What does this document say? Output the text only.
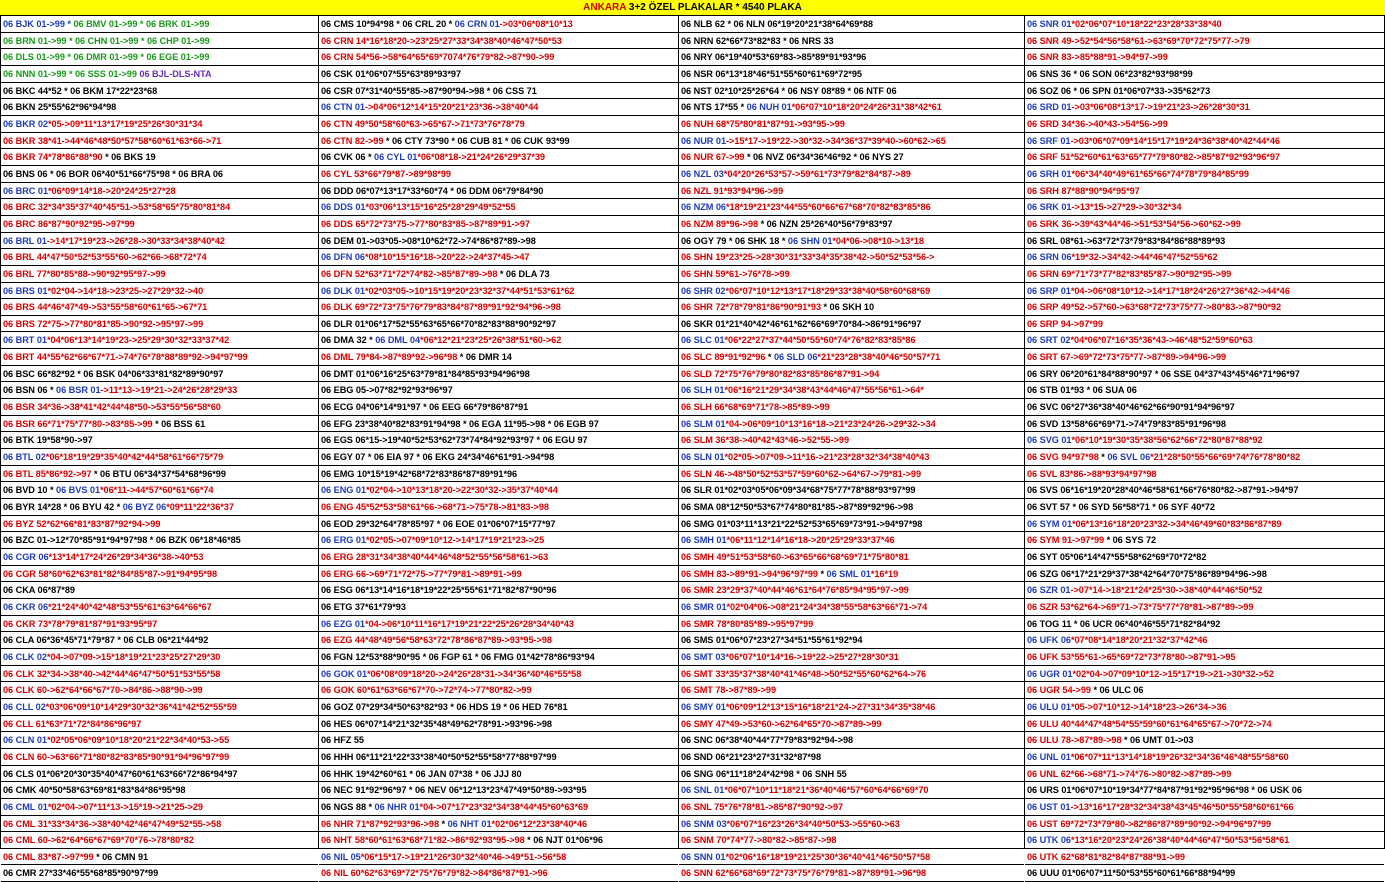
ANKARA 3+2 ÖZEL PLAKALAR * 4540 PLAKA
06 BJK 01->99 * 06 BMV 01->99 * 06 BRK 01->99
06 BRN 01->99 * 06 CHN 01->99 * 06 CHP 01->99
06 DLS 01->99 * 06 DMR 01->99 * 06 EGE 01->99
06 NNN 01->99 * 06 SSS 01->99 06 BJL-DLS-NTA
06 BKC 44*52 * 06 BKM 17*22*23*68
06 BKN 25*55*62*96*94*98
06 BKR 02*05->09*11*13*17*19*25*26*30*31*34
06 BKR 38*41->44*46*48*50*57*58*60*61*63*66->71
06 BKR 74*78*86*88*90 * 06 BKS 19
06 BNS 06 * 06 BOR 06*40*51*66*75*98 * 06 BRA 06
06 BRC 01*06*09*14*18->20*24*25*27*28
06 BRC 32*34*35*37*40*45*51->53*58*65*75*80*81*84
06 BRC 86*87*90*92*95->97*99
06 BRL 01->14*17*19*23->26*28->30*33*34*38*40*42
06 BRL 44*47*50*52*53*55*60->62*66->68*72*74
06 BRL 77*80*85*88->90*92*95*97->99
06 BRS 01*02*04->14*18->23*25->27*29*32->40
06 BRS 44*46*47*49->53*55*58*60*61*65->67*71
06 BRS 72*75->77*80*81*85->90*92->95*97->99
06 BRT 01*04*06*13*14*19*23->25*29*30*32*33*37*42
06 BRT 44*55*62*66*67*71->74*76*78*88*89*92->94*97*99
06 BSC 66*82*92 * 06 BSK 04*06*33*81*82*89*90*97
06 BSN 06 * 06 BSR 01->11*13->19*21->24*26*28*29*33
06 BSR 34*36->38*41*42*44*48*50->53*55*56*58*60
06 BSR 66*71*75*77*80->83*85->99 * 06 BSS 61
06 BTK 19*58*90->97
06 BTL 02*06*18*19*29*35*40*42*44*58*61*66*75*79
06 BTL 85*86*92->97 * 06 BTU 06*34*37*54*68*96*99
06 BVD 10 * 06 BVS 01*06*11->44*57*60*61*66*74
06 BYR 14*28 * 06 BYU 42 * 06 BYZ 06*09*11*22*36*37
06 BYZ 52*62*66*81*83*87*92*94->99
06 BZC 01->12*70*85*91*94*97*98 * 06 BZK 06*18*46*85
06 CGR 06*13*14*17*24*26*29*34*36*38->40*53
06 CGR 58*60*62*63*81*82*84*85*87->91*94*95*98
06 CKA 06*87*89
06 CKR 06*21*24*40*42*48*53*55*61*63*64*66*67
06 CKR 73*78*79*81*87*91*93*95*97
06 CLA 06*36*45*71*79*87 * 06 CLB 06*21*44*92
06 CLK 02*04->07*09->15*18*19*21*23*25*27*29*30
06 CLK 32*34->38*40->42*44*46*47*50*51*53*55*58
06 CLK 60->62*64*66*67*70->84*86->88*90->99
06 CLL 02*03*06*09*10*14*29*30*32*36*41*42*52*55*59
06 CLL 61*63*71*72*84*86*96*97
06 CLN 01*02*05*06*09*10*18*20*21*22*34*40*53->55
06 CLN 60->63*66*71*80*82*83*85*90*91*94*96*97*99
06 CLS 01*06*20*30*35*40*47*60*61*63*66*72*86*94*97
06 CMK 40*50*58*63*69*81*83*84*86*95*98
06 CML 01*02*04->07*11*13->15*19->21*25->29
06 CML 31*33*34*36->38*40*42*46*47*49*52*55->58
06 CML 60->62*64*66*67*69*70*76->78*80*82
06 CML 83*87->97*99 * 06 CMN 91
06 CMR 27*33*46*55*68*85*90*97*99
06 CMS 10*94*98 * 06 CRL 20 * 06 CRN 01->03*06*08*10*13
06 CRN 14*16*18*20->23*25*27*33*34*38*40*46*47*50*53
06 CRN 54*56->58*64*65*69*7074*76*79*82->87*90->99
06 CSK 01*06*07*55*63*89*93*97
06 CSR 07*31*40*55*85->87*90*94->98 * 06 CSS 71
06 CTN 01->04*06*12*14*15*20*21*23*36->38*40*44
06 CTN 49*50*58*60*63->65*67->71*73*76*78*79
06 CTN 82->99 * 06 CTY 73*90 * 06 CUB 81 * 06 CUK 93*99
06 CVK 06 * 06 CYL 01*06*08*18->21*24*26*29*37*39
06 CYL 53*66*79*87->89*98*99
06 DDD 06*07*13*17*33*60*74 * 06 DDM 06*79*84*90
06 DDS 01*03*06*13*15*16*25*28*29*49*52*55
06 DDS 65*72*73*75->77*80*83*85->87*89*91->97
06 DEM 01->03*05->08*10*62*72->74*86*87*89->98
06 DFN 06*08*10*15*16*18->20*22->24*37*45->47
06 DFN 52*63*71*72*74*82->85*87*89->98 * 06 DLA 73
06 DLK 01*02*03*05->10*15*19*20*23*32*37*44*51*53*61*62
06 DLK 69*72*73*75*76*79*83*84*87*89*91*92*94*96->98
06 DLR 01*06*17*52*55*63*65*66*70*82*83*88*90*92*97
06 DMA 32 * 06 DML 04*06*12*21*23*25*26*38*51*60->62
06 DML 79*84->87*89*92->96*98 * 06 DMR 14
06 DMT 01*06*16*25*63*79*81*84*85*93*94*96*98
06 EBG 05->07*82*92*93*96*97
06 ECG 04*06*14*91*97 * 06 EEG 66*79*86*87*91
06 EFG 23*38*40*82*83*91*94*98 * 06 EGA 11*95->98 * 06 EGB 97
06 EGS 06*15->19*40*52*53*62*73*74*84*92*93*97 * 06 EGU 97
06 EGY 07 * 06 EIA 97 * 06 EKG 24*34*46*61*91->94*98
06 EMG 10*15*19*42*68*72*83*86*87*89*91*96
06 ENG 01*02*04->10*13*18*20->22*30*32->35*37*40*44
06 ENG 45*52*53*58*61*66->68*71->75*78->81*83->98
06 EOD 29*32*64*78*85*97 * 06 EOE 01*06*07*15*77*97
06 ERG 01*02*05->07*09*10*12->14*17*19*21*23->25
06 ERG 28*31*34*38*40*44*46*48*52*55*56*58*61->63
06 ERG 66->69*71*72*75->77*79*81->89*91->99
06 ESG 06*13*14*16*18*19*22*25*55*61*71*82*87*90*96
06 ETG 37*61*79*93
06 EZG 01*04->06*10*11*16*17*19*21*22*25*26*28*34*40*43
06 EZG 44*48*49*56*58*63*72*78*86*87*89->93*95->98
06 FGN 12*53*88*90*95 * 06 FGP 61 * 06 FMG 01*42*78*86*93*94
06 GOK 01*06*08*09*18*20->24*26*28*31->34*36*40*46*55*58
06 GOK 60*61*63*66*67*70->72*74->77*80*82->99
06 GOZ 07*29*34*50*63*82*93 * 06 HDS 19 * 06 HED 76*81
06 HES 06*07*14*21*32*35*48*49*62*78*91->93*96->98
06 HFZ 55
06 HHH 06*11*21*22*33*38*40*50*52*55*58*77*88*97*99
06 HHK 19*42*60*61 * 06 JAN 07*38 * 06 JJJ 80
06 NEC 91*92*96*97 * 06 NEV 06*12*13*23*47*49*50*89->93*95
06 NGS 88 * 06 NHR 01*04->07*17*23*32*34*38*44*45*60*63*69
06 NHR 71*87*92*93*96->98 * 06 NHT 01*02*06*12*23*38*40*46
06 NHT 58*60*61*63*68*71*82->86*92*93*95->98 * 06 NJT 01*06*96
06 NIL 05*06*15*17->19*21*26*30*32*40*46->49*51->56*58
06 NIL 60*62*63*69*72*75*76*79*82->84*86*87*91->96
06 NLB 62 * 06 NLN 06*19*20*21*38*64*69*88
06 NRN 62*66*73*82*83 * 06 NRS 33
06 NRY 06*19*40*53*69*83->85*89*91*93*96
06 NSR 06*13*18*46*51*55*60*61*69*72*95
06 NST 02*10*25*26*64 * 06 NSY 08*89 * 06 NTF 06
06 NTS 17*55 * 06 NUH 01*06*07*10*18*20*24*26*31*38*42*61
06 NUH 68*75*80*81*87*91->93*95->99
06 NUR 01->15*17->19*22->30*32->34*36*37*39*40->60*62->65
06 NUR 67->99 * 06 NVZ 06*34*36*46*92 * 06 NYS 27
06 NZL 03*04*20*26*53*57->59*61*73*79*82*84*87->89
06 NZL 91*93*94*96->99
06 NZM 06*18*19*21*23*44*55*60*66*67*68*70*82*83*85*86
06 NZM 89*96->98 * 06 NZN 25*26*40*56*79*83*97
06 OGY 79 * 06 SHK 18 * 06 SHN 01*04*06->08*10->13*18
06 SHN 19*23*25->28*30*31*33*34*35*38*42->50*52*53*56->
06 SHN 59*61->76*78->99
06 SHR 02*06*07*10*12*13*17*18*29*33*38*40*58*60*68*69
06 SHR 72*78*79*81*86*90*91*93 * 06 SKH 10
06 SKR 01*21*40*42*46*61*62*66*69*70*84->86*91*96*97
06 SLC 01*06*22*27*37*44*50*55*60*74*76*82*83*85*86
06 SLC 89*91*92*96 * 06 SLD 06*21*23*28*38*40*46*50*57*71
06 SLD 72*75*76*79*80*82*83*85*86*87*91->94
06 SLH 01*06*16*21*29*34*38*43*44*46*47*55*56*61->64*
06 SLH 66*68*69*71*78->85*89->99
06 SLM 01*04->06*09*10*13*16*18->21*23*24*26->29*32->34
06 SLM 36*38->40*42*43*46->52*55->99
06 SLN 01*02*05->07*09->11*16->21*23*28*32*34*38*40*43
06 SLN 46->48*50*52*53*57*59*60*62->64*67->79*81->99
06 SLR 01*02*03*05*06*09*34*68*75*77*78*88*93*97*99
06 SMA 08*12*50*53*67*74*80*81*85->87*89*92*96->98
06 SMG 01*03*11*13*21*22*52*53*65*69*73*91->94*97*98
06 SMH 01*06*11*12*14*16*18->20*25*29*33*37*46
06 SMH 49*51*53*58*60->63*65*66*68*69*71*75*80*81
06 SMH 83->89*91->94*96*97*99 * 06 SML 01*16*19
06 SMR 23*29*37*40*44*46*61*64*76*85*94*95*97->99
06 SMR 01*02*04*06->08*21*24*34*38*55*58*63*66*71->74
06 SMR 78*80*85*89->95*97*99
06 SMS 01*06*07*23*27*34*51*55*61*92*94
06 SMT 03*06*07*10*14*16->19*22->25*27*28*30*31
06 SMT 33*35*37*38*40*41*46*48->50*52*55*60*62*64->76
06 SMT 78->87*89->99
06 SMY 01*06*09*12*13*15*16*18*21*24->27*31*34*35*38*46
06 SMY 47*49->53*60->62*64*65*70->87*89->99
06 SNC 06*38*40*44*77*79*83*92*94->98
06 SND 06*21*23*27*31*32*87*98
06 SNG 06*11*18*24*42*98 * 06 SNH 55
06 SNL 01*06*07*10*11*18*21*36*40*46*57*60*64*66*69*70
06 SNL 75*76*78*81->85*87*90*92->97
06 SNM 03*06*07*16*23*26*34*40*50*53->55*60->63
06 SNM 70*74*77->80*82->85*87->98
06 SNN 01*02*06*16*18*19*21*25*30*36*40*41*46*50*57*58
06 SNN 62*66*68*69*72*73*75*76*79*81->87*89*91->96*98
06 SNR 01*02*06*07*10*18*22*23*28*33*38*40
06 SNR 49->52*54*56*58*61->63*69*70*72*75*77->79
06 SNR 83->85*88*91->94*97->99
06 SNS 36 * 06 SON 06*23*82*93*98*99
06 SOZ 06 * 06 SPN 01*06*07*33->35*62*73
06 SRD 01->03*06*08*13*17->19*21*23->26*28*30*31
06 SRD 34*36->40*43->54*56->99
06 SRF 01->03*06*07*09*14*15*17*19*24*36*38*40*42*44*46
06 SRF 51*52*60*61*63*65*77*79*80*82->85*87*92*93*96*97
06 SRH 01*06*34*40*49*61*65*66*74*78*79*84*85*99
06 SRH 87*88*90*94*95*97
06 SRK 01->13*15->27*29->30*32*34
06 SRK 36->39*43*44*46->51*53*54*56->60*62->99
06 SRL 08*61->63*72*73*79*83*84*86*88*89*93
06 SRN 06*19*32->34*42->44*46*47*52*55*62
06 SRN 69*71*73*77*82*83*85*87->90*92*95->99
06 SRP 01*04->06*08*10*12->14*17*18*24*26*27*36*42->44*46
06 SRP 49*52->57*60->63*68*72*73*75*77->80*83->87*90*92
06 SRP 94->97*99
06 SRT 02*04*06*07*16*35*36*43->46*48*52*59*60*63
06 SRT 67->69*72*73*75*77->87*89->94*96->99
06 SRY 06*20*61*84*88*90*97 * 06 SSE 04*37*43*45*46*71*96*97
06 STB 01*93 * 06 SUA 06
06 SVC 06*27*36*38*40*46*62*66*90*91*94*96*97
06 SVD 13*58*66*69*71->74*79*83*85*91*96*98
06 SVG 01*06*10*19*30*35*38*56*62*66*72*80*87*88*92
06 SVG 94*97*98 * 06 SVL 06*21*28*50*55*66*69*74*76*78*80*82
06 SVL 83*86->88*93*94*97*98
06 SVS 06*16*19*20*28*40*46*58*61*66*76*80*82->87*91->94*97
06 SVT 57 * 06 SYD 56*58*71 * 06 SYF 40*72
06 SYM 01*06*13*16*18*20*23*32->34*46*49*60*83*86*87*89
06 SYM 91->97*99 * 06 SYS 72
06 SYT 05*06*14*47*55*58*62*69*70*72*82
06 SZG 06*17*21*29*37*38*42*64*70*75*86*89*94*96->98
06 SZR 01->07*14->18*21*24*25*30->38*40*44*46*50*52
06 SZR 53*62*64->69*71->73*75*77*78*81->87*89->99
06 TOG 11 * 06 UCR 06*40*46*55*71*82*84*92
06 UFK 06*07*08*14*18*20*21*32*37*42*46
06 UFK 53*55*61->65*69*72*73*78*80->87*91->95
06 UGR 01*02*04->07*09*10*12->15*17*19->21->30*32->52
06 UGR 54->99 * 06 ULC 06
06 ULU 01*05->07*10*12->14*18*23->26*34->36
06 ULU 40*44*47*48*54*55*59*60*61*64*65*67->70*72->74
06 ULU 78->87*89->98 * 06 UMT 01->03
06 UNL 01*06*07*11*13*14*18*19*26*32*34*36*46*48*55*58*60
06 UNL 62*66->68*71->74*76->80*82->87*89->99
06 URS 01*06*07*10*19*34*77*84*87*91*92*95*96*98 * 06 USK 06
06 UST 01->13*16*17*28*32*34*38*43*45*46*50*55*58*60*61*66
06 UST 69*72*73*79*80->82*86*87*89*90*92->94*96*97*99
06 UTK 06*13*16*20*23*24*26*38*40*44*46*47*50*53*56*58*61
06 UTK 62*68*81*82*84*87*88*91->99
06 UUU 01*06*07*11*50*53*55*60*61*66*88*94*99
